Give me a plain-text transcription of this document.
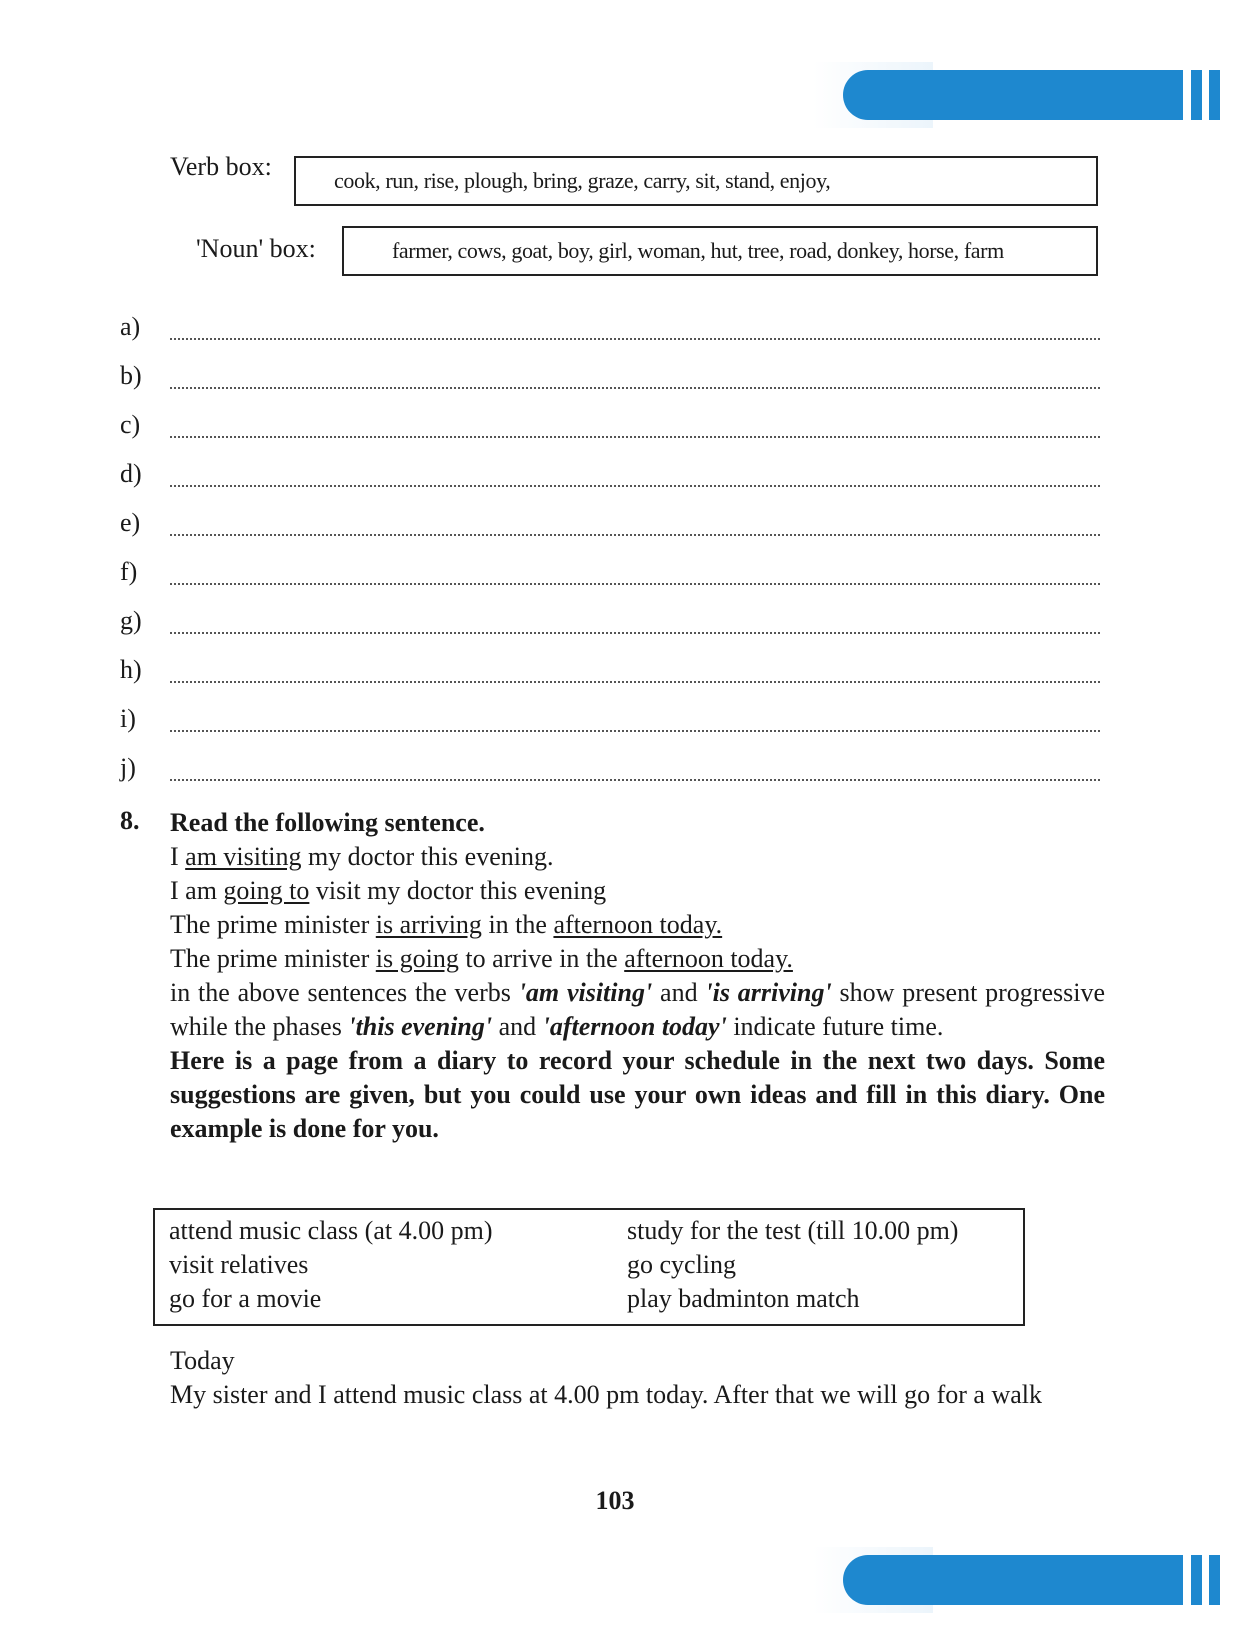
Verb box:	cook, run, rise, plough, bring, graze, carry, sit, stand, enjoy,
'Noun' box:	farmer, cows, goat, boy, girl, woman, hut, tree, road, donkey, horse, farm
a)
b)
c)
d)
e)
f)
g)
h)
i)
j)
8. Read the following sentence.

I am visiting my doctor this evening.

I am going to visit my doctor this evening

The prime minister is arriving in the afternoon today.

The prime minister is going to arrive in the afternoon today.

in the above sentences the verbs 'am visiting' and 'is arriving' show present progressive while the phases 'this evening' and 'afternoon today' indicate future time.

Here is a page from a diary to record your schedule in the next two days. Some suggestions are given, but you could use your own ideas and fill in this diary. One example is done for you.

attend music class (at 4.00 pm)
visit relatives
go for a movie
study for the test (till 10.00 pm)
go cycling
play badminton match

Today

My sister and I attend music class at 4.00 pm today. After that we will go for a walk

103
